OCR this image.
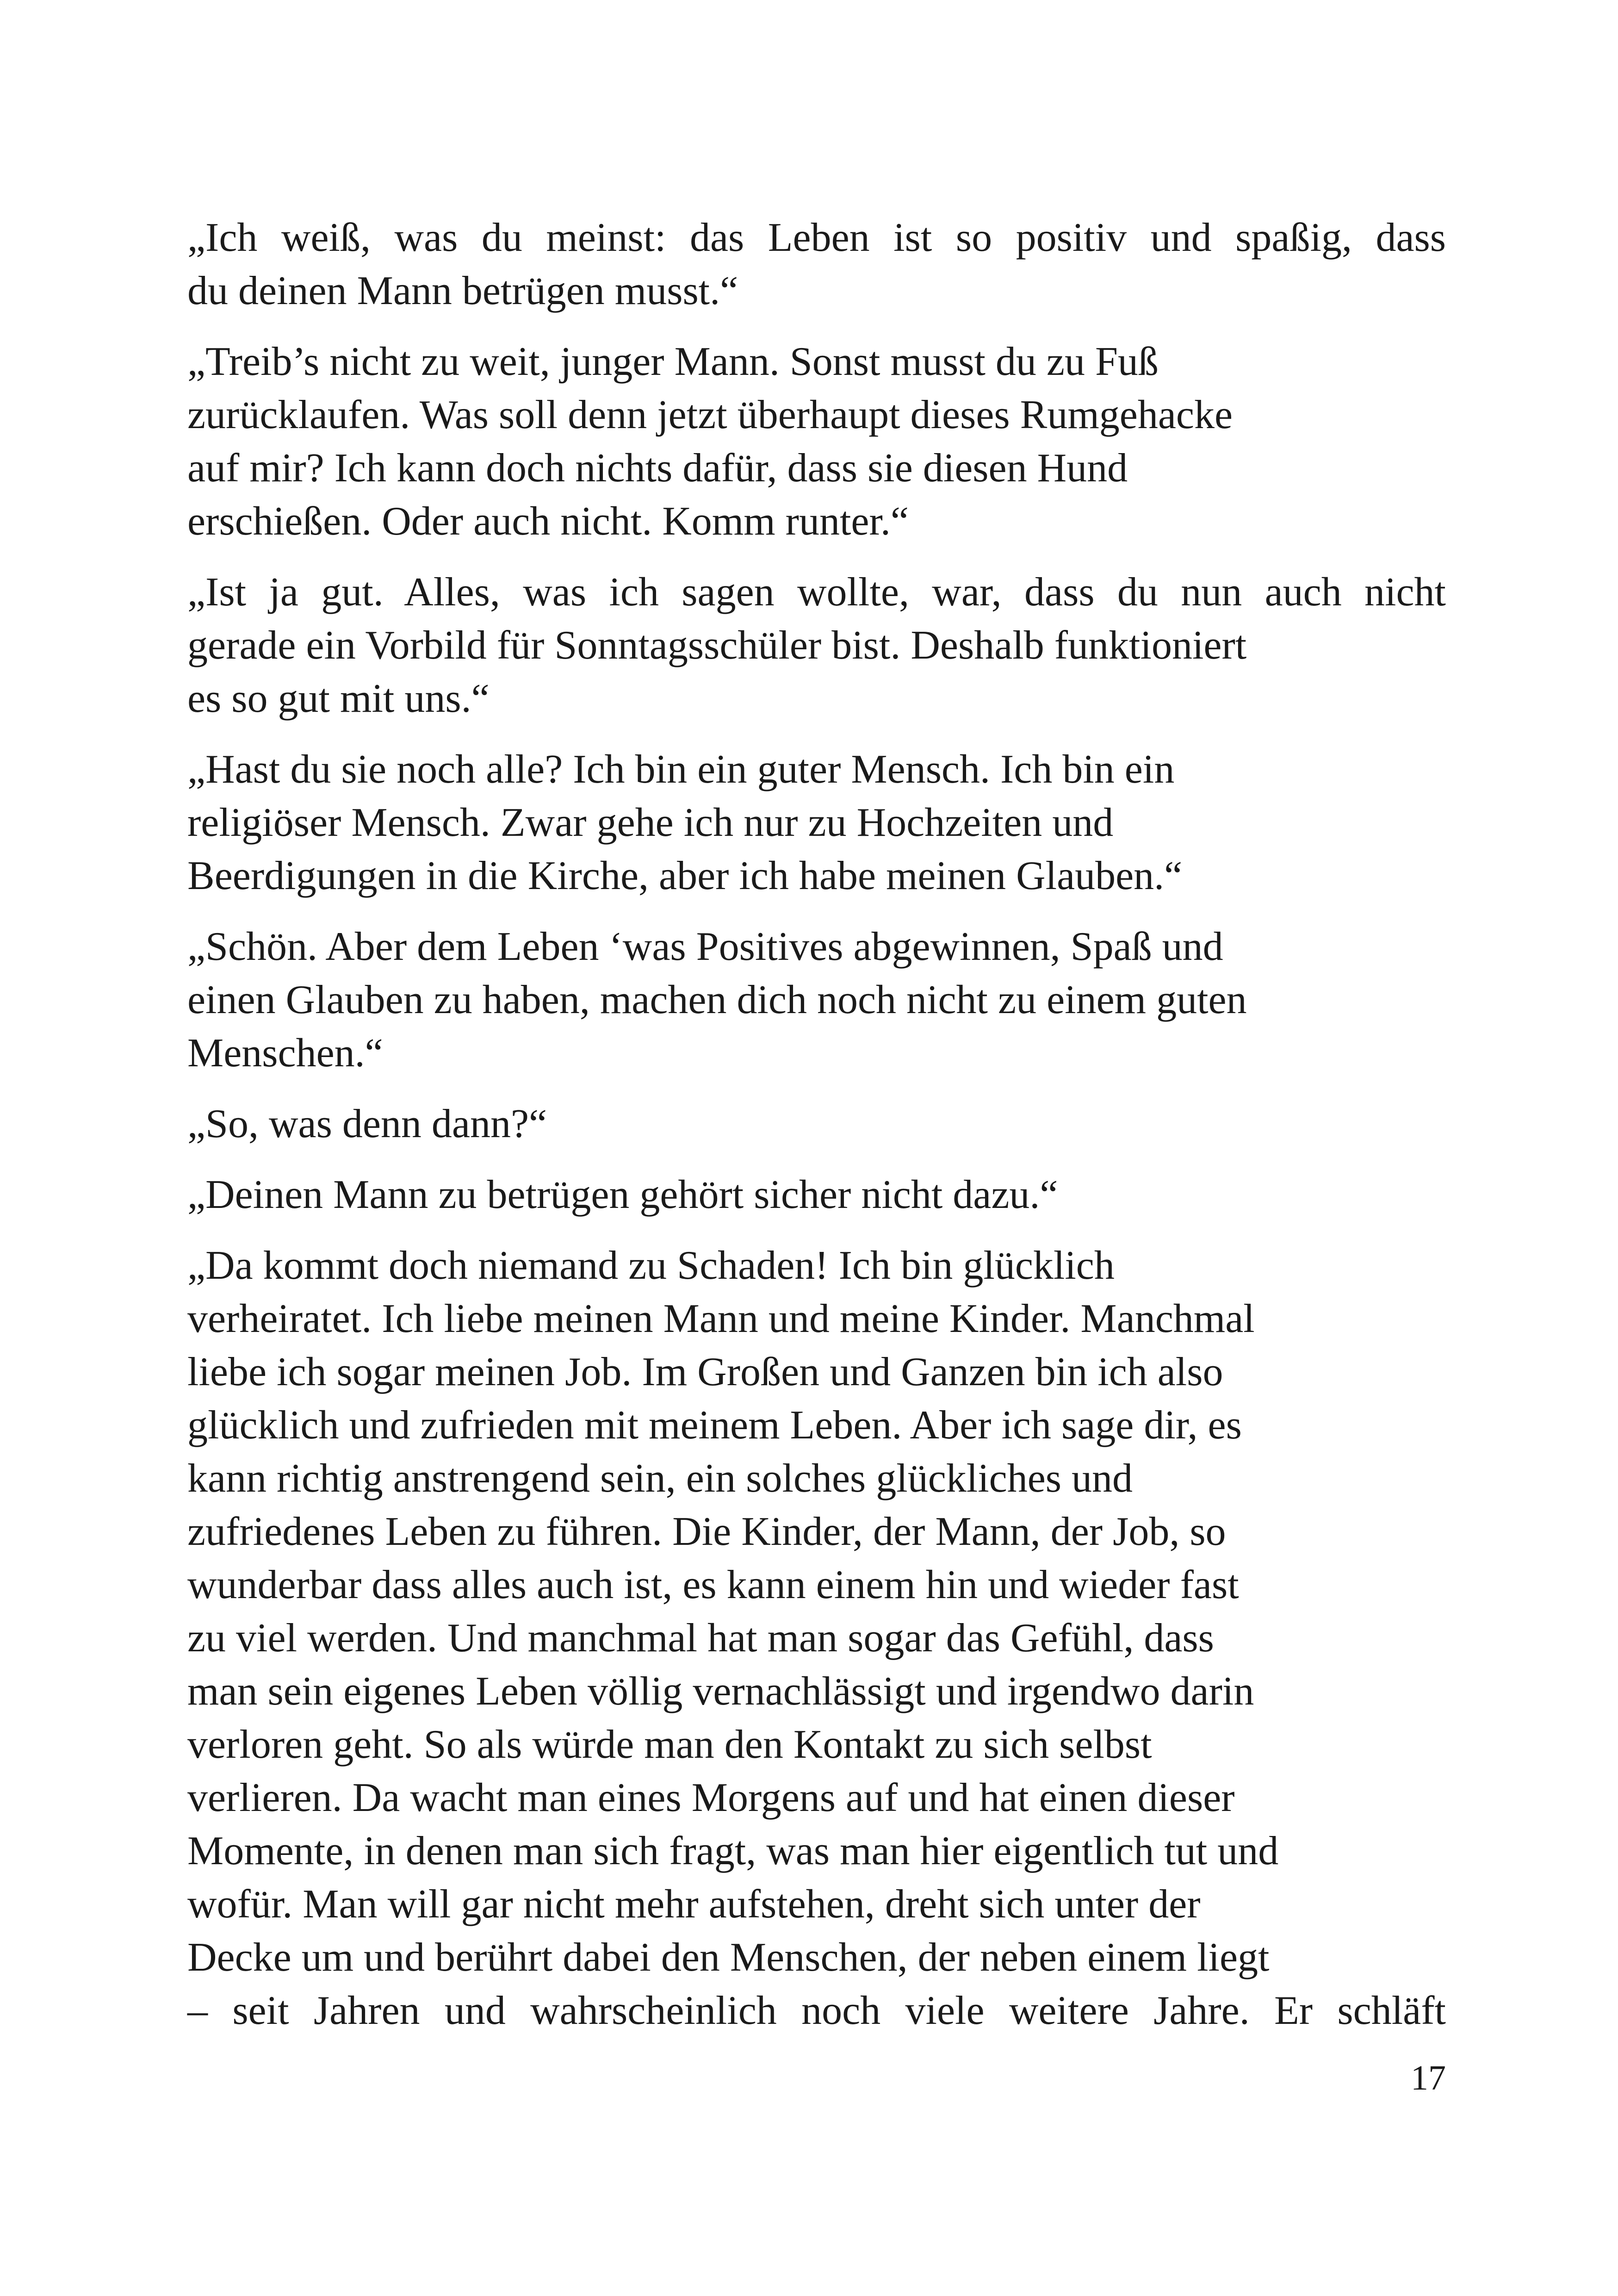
„Ich weiß, was du meinst: das Leben ist so positiv und spaßig, dass
du deinen Mann betrügen musst.“

„Treib’s nicht zu weit, junger Mann. Sonst musst du zu Fuß
zurücklaufen. Was soll denn jetzt überhaupt dieses Rumgehacke
auf mir? Ich kann doch nichts dafür, dass sie diesen Hund
erschießen. Oder auch nicht. Komm runter.“

„Ist ja gut. Alles, was ich sagen wollte, war, dass du nun auch nicht
gerade ein Vorbild für Sonntagsschüler bist. Deshalb funktioniert
es so gut mit uns.“

„Hast du sie noch alle? Ich bin ein guter Mensch. Ich bin ein
religiöser Mensch. Zwar gehe ich nur zu Hochzeiten und
Beerdigungen in die Kirche, aber ich habe meinen Glauben.“

„Schön. Aber dem Leben ‘was Positives abgewinnen, Spaß und
einen Glauben zu haben, machen dich noch nicht zu einem guten
Menschen.“

„So, was denn dann?“

„Deinen Mann zu betrügen gehört sicher nicht dazu.“

„Da kommt doch niemand zu Schaden! Ich bin glücklich
verheiratet. Ich liebe meinen Mann und meine Kinder. Manchmal
liebe ich sogar meinen Job. Im Großen und Ganzen bin ich also
glücklich und zufrieden mit meinem Leben. Aber ich sage dir, es
kann richtig anstrengend sein, ein solches glückliches und
zufriedenes Leben zu führen. Die Kinder, der Mann, der Job, so
wunderbar dass alles auch ist, es kann einem hin und wieder fast
zu viel werden. Und manchmal hat man sogar das Gefühl, dass
man sein eigenes Leben völlig vernachlässigt und irgendwo darin
verloren geht. So als würde man den Kontakt zu sich selbst
verlieren. Da wacht man eines Morgens auf und hat einen dieser
Momente, in denen man sich fragt, was man hier eigentlich tut und
wofür. Man will gar nicht mehr aufstehen, dreht sich unter der
Decke um und berührt dabei den Menschen, der neben einem liegt
– seit Jahren und wahrscheinlich noch viele weitere Jahre. Er schläft

17
